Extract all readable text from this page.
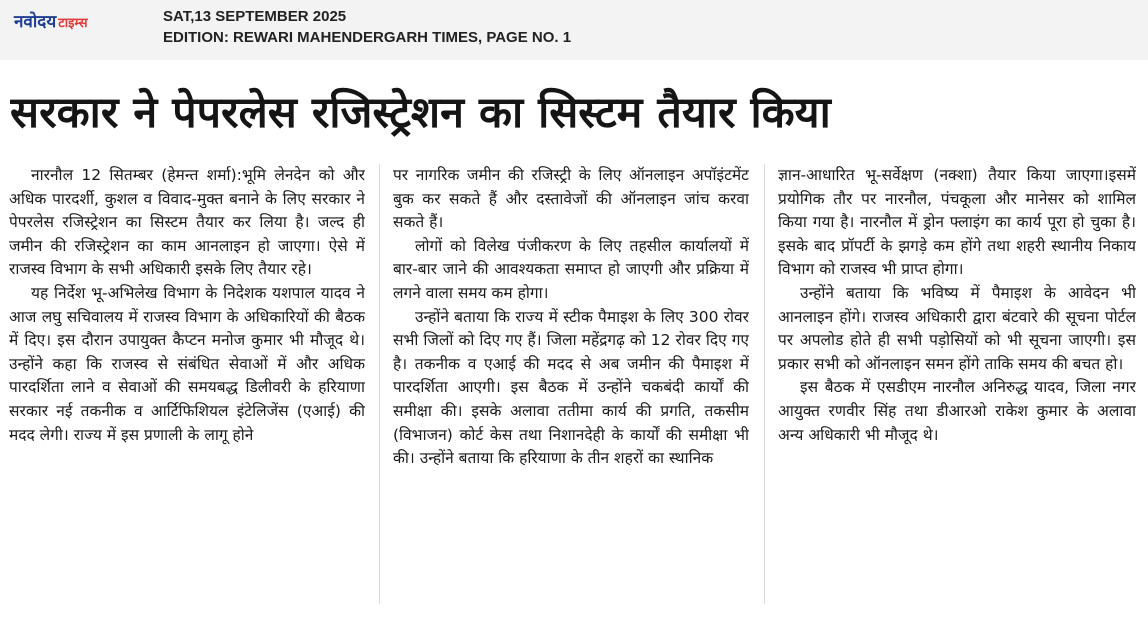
नवोदय टाइम्स	SAT,13 SEPTEMBER 2025
EDITION: REWARI MAHENDERGARH TIMES, PAGE NO. 1
सरकार ने पेपरलेस रजिस्ट्रेशन का सिस्टम तैयार किया

नारनौल 12 सितम्बर (हेमन्त शर्मा):भूमि लेनदेन को और अधिक पारदर्शी, कुशल व विवाद-मुक्त बनाने के लिए सरकार ने पेपरलेस रजिस्ट्रेशन का सिस्टम तैयार कर लिया है। जल्द ही जमीन की रजिस्ट्रेशन का काम आनलाइन हो जाएगा। ऐसे में राजस्व विभाग के सभी अधिकारी इसके लिए तैयार रहे।

यह निर्देश भू-अभिलेख विभाग के निदेशक यशपाल यादव ने आज लघु सचिवालय में राजस्व विभाग के अधिकारियों की बैठक में दिए। इस दौरान उपायुक्त कैप्टन मनोज कुमार भी मौजूद थे। उन्होंने कहा कि राजस्व से संबंधित सेवाओं में और अधिक पारदर्शिता लाने व सेवाओं की समयबद्ध डिलीवरी के हरियाणा सरकार नई तकनीक व आर्टिफिशियल इंटेलिजेंस (एआई) की मदद लेगी। राज्य में इस प्रणाली के लागू होने

पर नागरिक जमीन की रजिस्ट्री के लिए ऑनलाइन अपॉइंटमेंट बुक कर सकते हैं और दस्तावेजों की ऑनलाइन जांच करवा सकते हैं।

लोगों को विलेख पंजीकरण के लिए तहसील कार्यालयों में बार-बार जाने की आवश्यकता समाप्त हो जाएगी और प्रक्रिया में लगने वाला समय कम होगा।

उन्होंने बताया कि राज्य में स्टीक पैमाइश के लिए 300 रोवर सभी जिलों को दिए गए हैं। जिला महेंद्रगढ़ को 12 रोवर दिए गए है। तकनीक व एआई की मदद से अब जमीन की पैमाइश में पारदर्शिता आएगी। इस बैठक में उन्होंने चकबंदी कार्यों की समीक्षा की। इसके अलावा ततीमा कार्य की प्रगति, तकसीम (विभाजन) कोर्ट केस तथा निशानदेही के कार्यों की समीक्षा भी की। उन्होंने बताया कि हरियाणा के तीन शहरों का स्थानिक

ज्ञान-आधारित भू-सर्वेक्षण (नक्शा) तैयार किया जाएगा।इसमें प्रयोगिक तौर पर नारनौल, पंचकूला और मानेसर को शामिल किया गया है। नारनौल में ड्रोन फ्लाइंग का कार्य पूरा हो चुका है। इसके बाद प्रॉपर्टी के झगड़े कम होंगे तथा शहरी स्थानीय निकाय विभाग को राजस्व भी प्राप्त होगा।

उन्होंने बताया कि भविष्य में पैमाइश के आवेदन भी आनलाइन होंगे। राजस्व अधिकारी द्वारा बंटवारे की सूचना पोर्टल पर अपलोड होते ही सभी पड़ोसियों को भी सूचना जाएगी। इस प्रकार सभी को ऑनलाइन समन होंगे ताकि समय की बचत हो।

इस बैठक में एसडीएम नारनौल अनिरुद्ध यादव, जिला नगर आयुक्त रणवीर सिंह तथा डीआरओ राकेश कुमार के अलावा अन्य अधिकारी भी मौजूद थे।
